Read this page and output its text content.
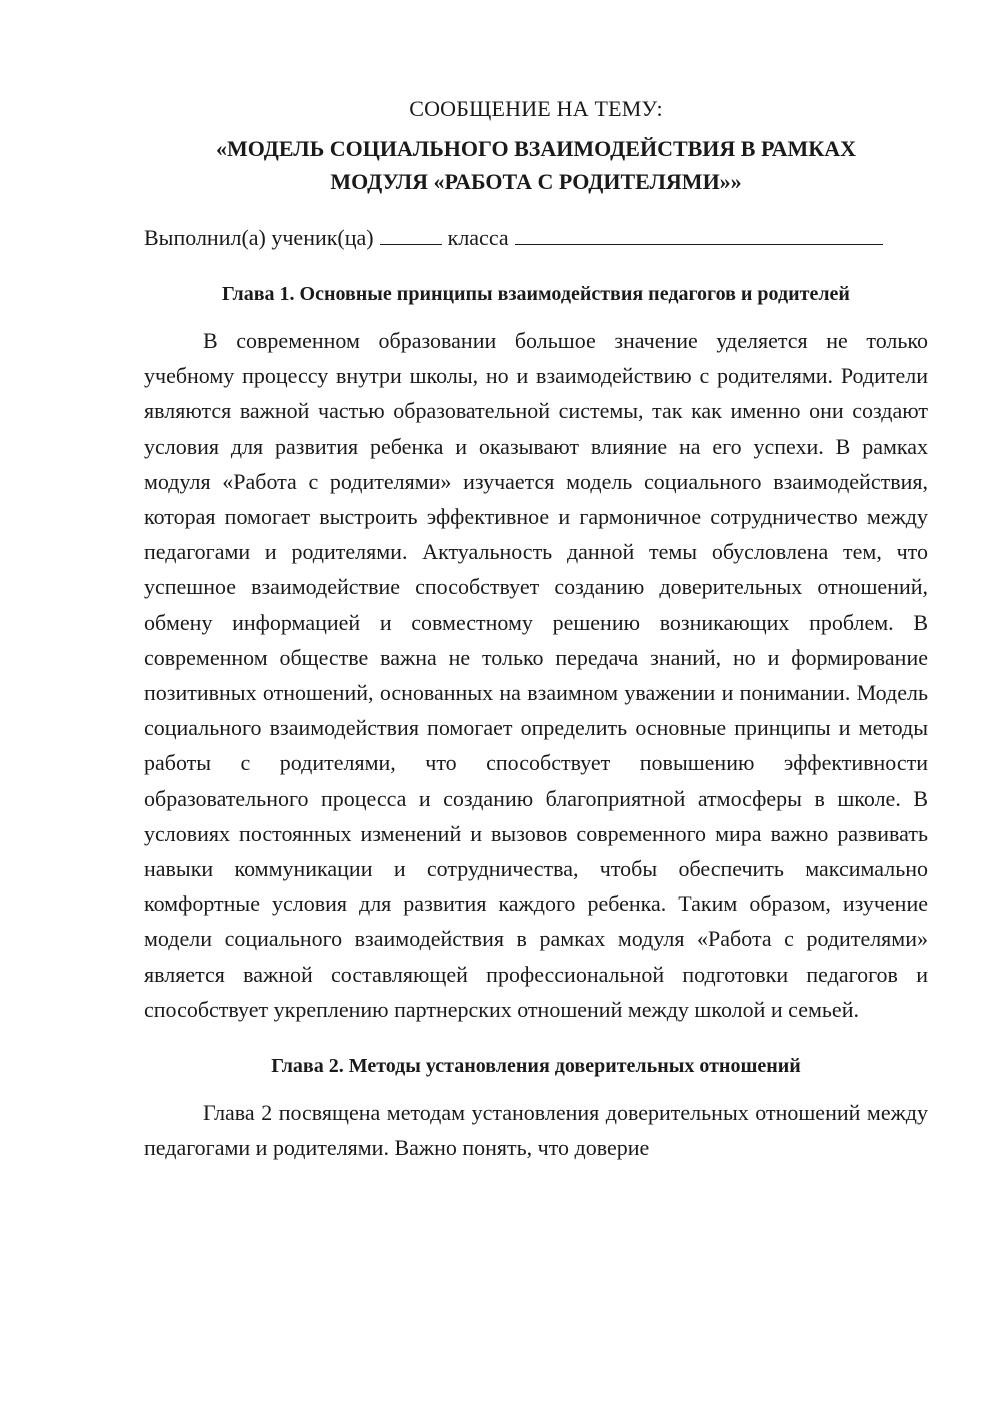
СООБЩЕНИЕ НА ТЕМУ:

«МОДЕЛЬ СОЦИАЛЬНОГО ВЗАИМОДЕЙСТВИЯ В РАМКАХ

МОДУЛЯ «РАБОТА С РОДИТЕЛЯМИ»»

Выполнил(а) ученик(ца)	класса

Глава 1. Основные принципы взаимодействия педагогов и родителей

В современном образовании большое значение уделяется не только учебному процессу внутри школы, но и взаимодействию с родителями. Родители являются важной частью образовательной системы, так как именно они создают условия для развития ребенка и оказывают влияние на его успехи. В рамках модуля «Работа с родителями» изучается модель социального взаимодействия, которая помогает выстроить эффективное и гармоничное сотрудничество между педагогами и родителями. Актуальность данной темы обусловлена тем, что успешное взаимодействие способствует созданию доверительных отношений, обмену информацией и совместному решению возникающих проблем. В современном обществе важна не только передача знаний, но и формирование позитивных отношений, основанных на взаимном уважении и понимании. Модель социального взаимодействия помогает определить основные принципы и методы работы с родителями, что способствует повышению эффективности образовательного процесса и созданию благоприятной атмосферы в школе. В условиях постоянных изменений и вызовов современного мира важно развивать навыки коммуникации и сотрудничества, чтобы обеспечить максимально комфортные условия для развития каждого ребенка. Таким образом, изучение модели социального взаимодействия в рамках модуля «Работа с родителями» является важной составляющей профессиональной подготовки педагогов и способствует укреплению партнерских отношений между школой и семьей.

Глава 2. Методы установления доверительных отношений

Глава 2 посвящена методам установления доверительных отношений между педагогами и родителями. Важно понять, что доверие
